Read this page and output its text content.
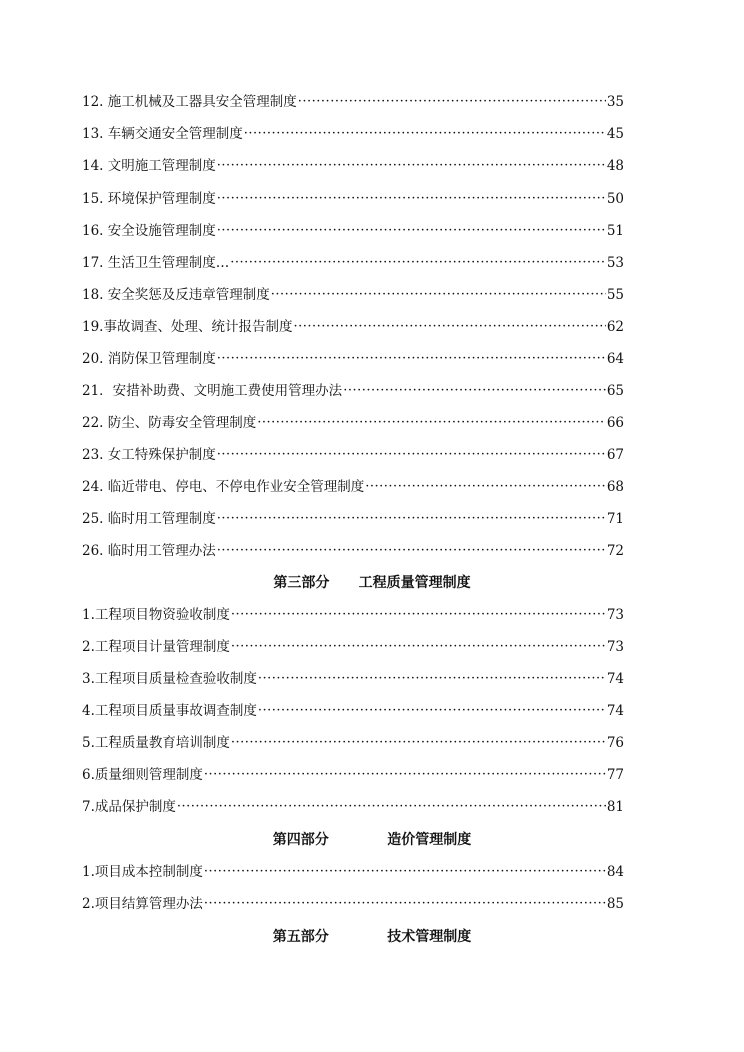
12. 施工机械及工器具安全管理制度 ·····	35
13. 车辆交通安全管理制度 ·····	45
14. 文明施工管理制度 ·····	48
15. 环境保护管理制度 ·····	50
16. 安全设施管理制度 ·····	51
17. 生活卫生管理制度… ·····	53
18. 安全奖惩及反违章管理制度 ·····	55
19.事故调查、处理、统计报告制度 ·····	62
20. 消防保卫管理制度 ·····	64
21．安措补助费、文明施工费使用管理办法 ·····	65
22. 防尘、防毒安全管理制度 ·····	66
23. 女工特殊保护制度 ·····	67
24. 临近带电、停电、不停电作业安全管理制度 ·····	68
25. 临时用工管理制度 ·····	71
26. 临时用工管理办法 ·····	72
第三部分 工程质量管理制度
1.工程项目物资验收制度 ·····	73
2.工程项目计量管理制度 ·····	73
3.工程项目质量检查验收制度 ·····	74
4.工程项目质量事故调查制度 ·····	74
5.工程质量教育培训制度 ·····	76
6.质量细则管理制度 ·····	77
7.成品保护制度 ·····	81
第四部分	造价管理制度
1.项目成本控制制度 ·····	84
2.项目结算管理办法 ·····	85
第五部分	技术管理制度
